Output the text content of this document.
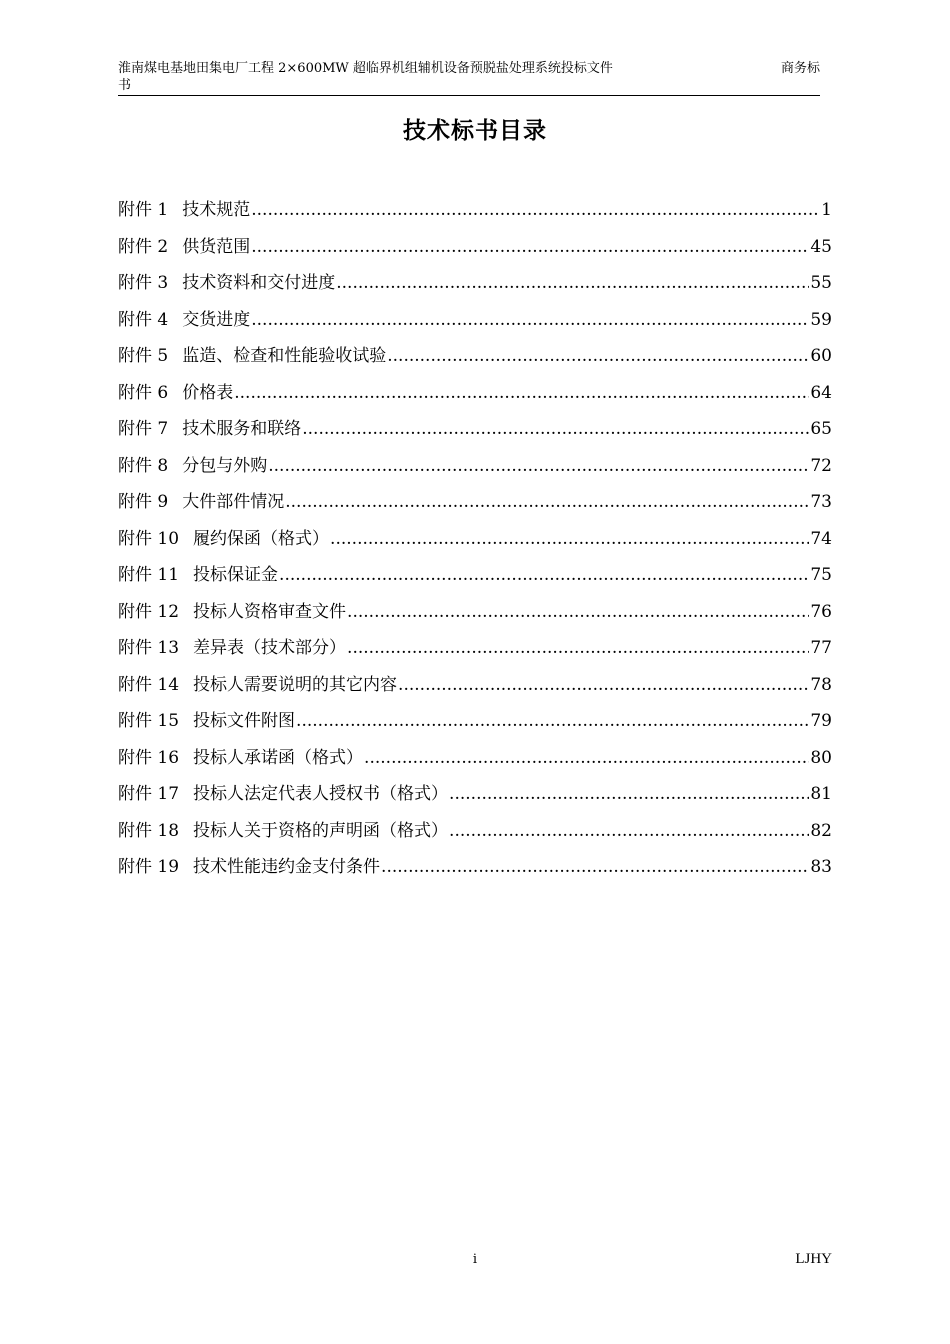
淮南煤电基地田集电厂工程 2×600MW 超临界机组辅机设备预脱盐处理系统投标文件	商务标
书
技术标书目录
附件 1 技术规范 .....	1
附件 2 供货范围 .....	45
附件 3 技术资料和交付进度 .....	55
附件 4 交货进度 .....	59
附件 5 监造、检查和性能验收试验 .....	60
附件 6 价格表 .....	64
附件 7 技术服务和联络 .....	65
附件 8 分包与外购 .....	72
附件 9 大件部件情况 .....	73
附件 10 履约保函（格式） .....	74
附件 11 投标保证金 .....	75
附件 12 投标人资格审查文件 .....	76
附件 13 差异表（技术部分） .....	77
附件 14 投标人需要说明的其它内容 .....	78
附件 15 投标文件附图 .....	79
附件 16 投标人承诺函（格式） .....	80
附件 17 投标人法定代表人授权书（格式） .....	81
附件 18 投标人关于资格的声明函（格式） .....	82
附件 19 技术性能违约金支付条件 .....	83
i	LJHY
